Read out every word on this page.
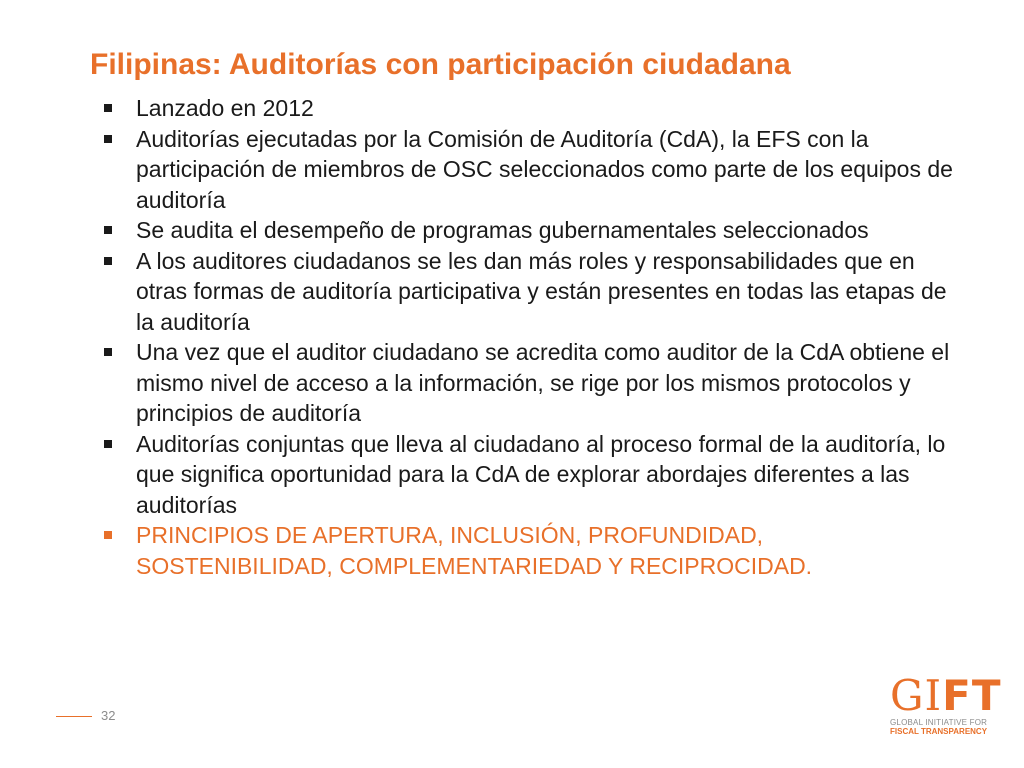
Filipinas: Auditorías con participación ciudadana
Lanzado en 2012
Auditorías ejecutadas por la Comisión de Auditoría (CdA), la EFS con la participación de miembros de OSC seleccionados como parte de los equipos de auditoría
Se audita el desempeño de programas gubernamentales seleccionados
A los auditores ciudadanos se les dan más roles y responsabilidades que en otras formas de auditoría participativa y están presentes en todas las etapas de la auditoría
Una vez que el auditor ciudadano se acredita como auditor de la CdA obtiene el mismo nivel de acceso a la información, se rige por los mismos protocolos y principios de auditoría
Auditorías conjuntas que lleva al ciudadano al proceso formal de la auditoría, lo que significa oportunidad para la CdA de explorar abordajes diferentes a las auditorías
PRINCIPIOS DE APERTURA, INCLUSIÓN, PROFUNDIDAD, SOSTENIBILIDAD, COMPLEMENTARIEDAD Y RECIPROCIDAD.
32	GIFT
GLOBAL INITIATIVE FOR
FISCAL TRANSPARENCY
